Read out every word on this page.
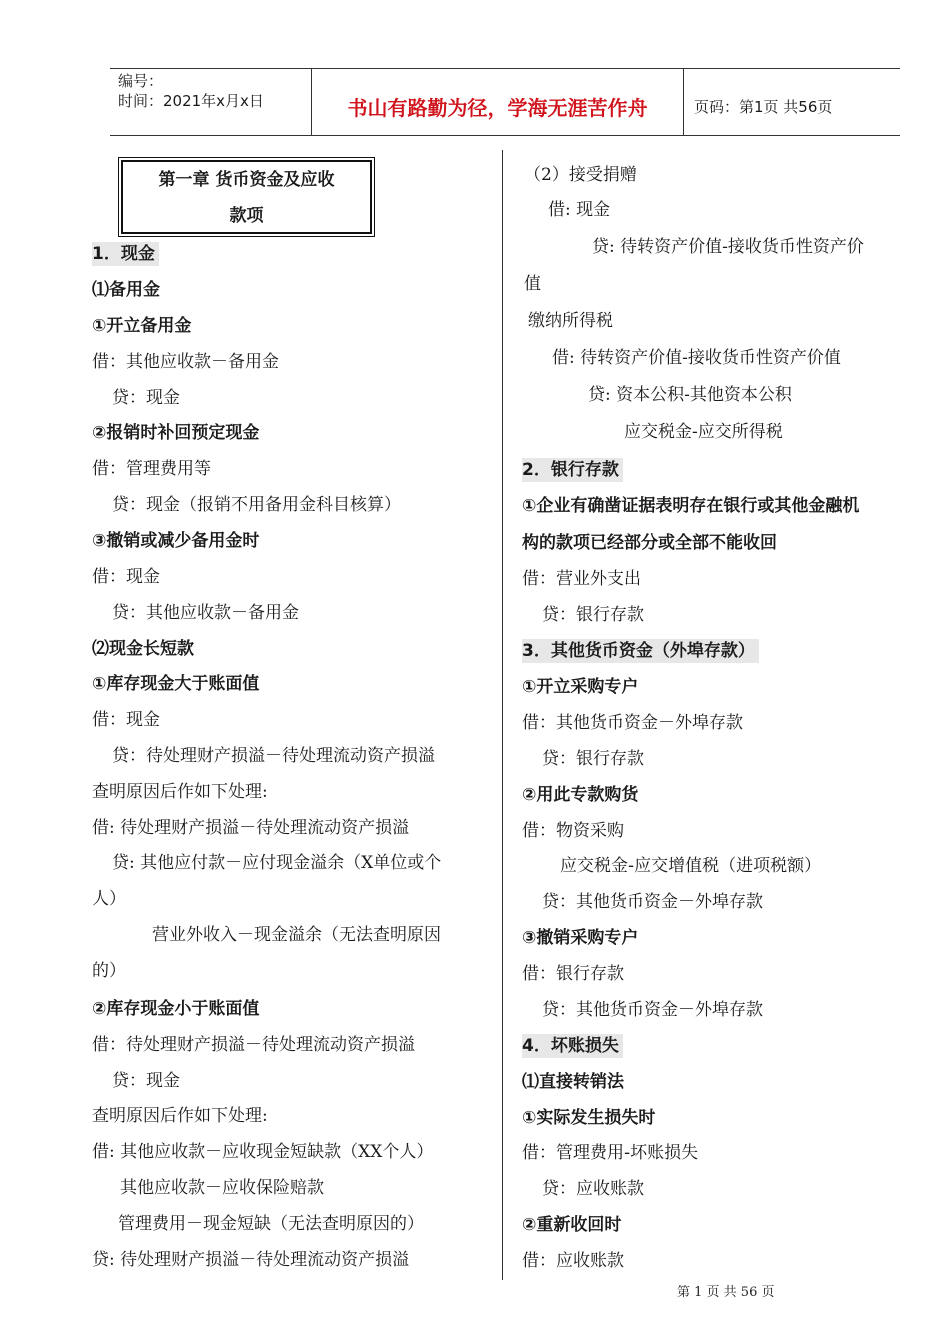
编号：
时间：2021年x月x日	书山有路勤为径，学海无涯苦作舟	页码：第1页 共56页
第一章 货币资金及应收
款项
1．现金
⑴备用金
①开立备用金
借：其他应收款－备用金
贷：现金
②报销时补回预定现金
借：管理费用等
贷：现金（报销不用备用金科目核算）
③撤销或减少备用金时
借：现金
贷：其他应收款－备用金
⑵现金长短款
①库存现金大于账面值
借：现金
贷：待处理财产损溢－待处理流动资产损溢
查明原因后作如下处理:
借: 待处理财产损溢－待处理流动资产损溢
贷: 其他应付款－应付现金溢余（X单位或个
人）
营业外收入－现金溢余（无法查明原因
的）
②库存现金小于账面值
借：待处理财产损溢－待处理流动资产损溢
贷：现金
查明原因后作如下处理:
借: 其他应收款－应收现金短缺款（XX个人）
其他应收款－应收保险赔款
管理费用－现金短缺（无法查明原因的）
贷: 待处理财产损溢－待处理流动资产损溢
（2）接受捐赠
借: 现金
贷: 待转资产价值-接收货币性资产价
值
缴纳所得税
借: 待转资产价值-接收货币性资产价值
贷: 资本公积-其他资本公积
应交税金-应交所得税
2．银行存款
①企业有确凿证据表明存在银行或其他金融机
构的款项已经部分或全部不能收回
借：营业外支出
贷：银行存款
3．其他货币资金（外埠存款）
①开立采购专户
借：其他货币资金－外埠存款
贷：银行存款
②用此专款购货
借：物资采购
应交税金-应交增值税（进项税额）
贷：其他货币资金－外埠存款
③撤销采购专户
借：银行存款
贷：其他货币资金－外埠存款
4．坏账损失
⑴直接转销法
①实际发生损失时
借：管理费用-坏账损失
贷：应收账款
②重新收回时
借：应收账款
第 1 页 共 56 页
